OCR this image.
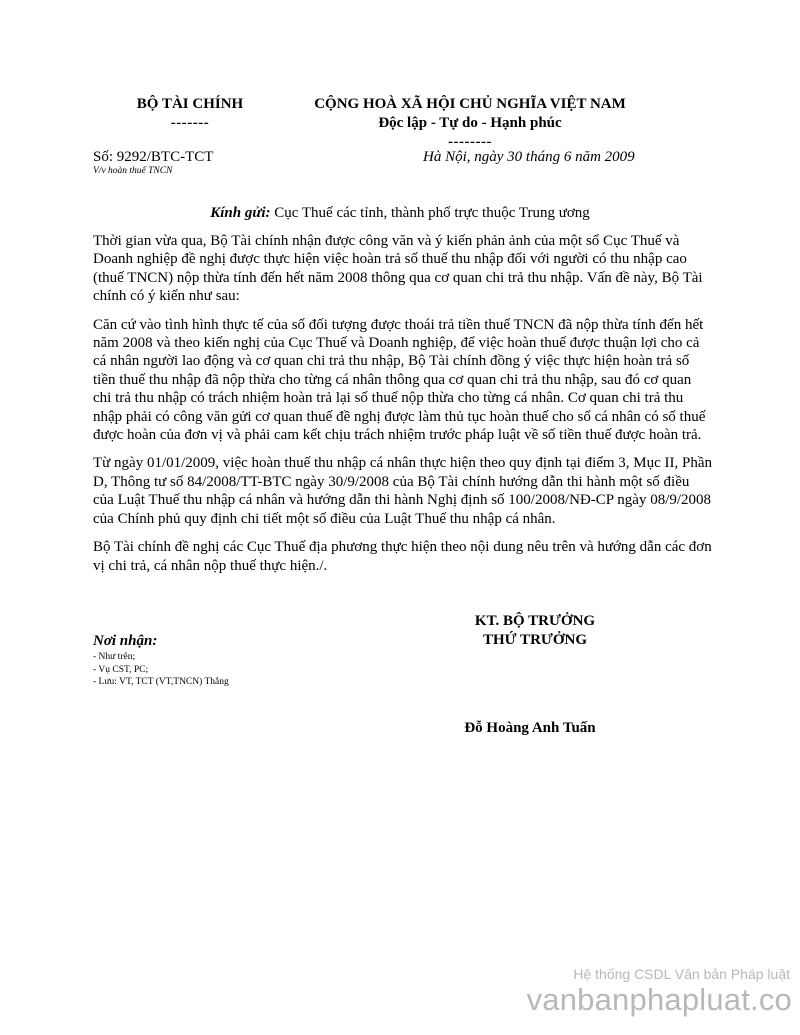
BỘ TÀI CHÍNH
-------
CỘNG HOÀ XÃ HỘI CHỦ NGHĨA VIỆT NAM
Độc lập - Tự do - Hạnh phúc
--------
Số: 9292/BTC-TCT
V/v hoàn thuế TNCN
Hà Nội, ngày 30 tháng 6 năm 2009
Kính gửi: Cục Thuế các tỉnh, thành phố trực thuộc Trung ương

Thời gian vừa qua, Bộ Tài chính nhận được công văn và ý kiến phản ảnh của một số Cục Thuế và Doanh nghiệp đề nghị được thực hiện việc hoàn trả số thuế thu nhập đối với người có thu nhập cao (thuế TNCN) nộp thừa tính đến hết năm 2008 thông qua cơ quan chi trả thu nhập. Vấn đề này, Bộ Tài chính có ý kiến như sau:

Căn cứ vào tình hình thực tế của số đối tượng được thoái trả tiền thuế TNCN đã nộp thừa tính đến hết năm 2008 và theo kiến nghị của Cục Thuế và Doanh nghiệp, để việc hoàn thuế được thuận lợi cho cả cá nhân người lao động và cơ quan chi trả thu nhập, Bộ Tài chính đồng ý việc thực hiện hoàn trả số tiền thuế thu nhập đã nộp thừa cho từng cá nhân thông qua cơ quan chi trả thu nhập, sau đó cơ quan chi trả thu nhập có trách nhiệm hoàn trả lại số thuế nộp thừa cho từng cá nhân. Cơ quan chi trả thu nhập phải có công văn gửi cơ quan thuế đề nghị được làm thủ tục hoàn thuế cho số cá nhân có số thuế được hoàn của đơn vị và phải cam kết chịu trách nhiệm trước pháp luật về số tiền thuế được hoàn trả.

Từ ngày 01/01/2009, việc hoàn thuế thu nhập cá nhân thực hiện theo quy định tại điểm 3, Mục II, Phần D, Thông tư số 84/2008/TT-BTC ngày 30/9/2008 của Bộ Tài chính hướng dẫn thi hành một số điều của Luật Thuế thu nhập cá nhân và hướng dẫn thi hành Nghị định số 100/2008/NĐ-CP ngày 08/9/2008 của Chính phủ quy định chi tiết một số điều của Luật Thuế thu nhập cá nhân.

Bộ Tài chính đề nghị các Cục Thuế địa phương thực hiện theo nội dung nêu trên và hướng dẫn các đơn vị chi trả, cá nhân nộp thuế thực hiện./.

KT. BỘ TRƯỞNG
THỨ TRƯỞNG
Đỗ Hoàng Anh Tuấn
Nơi nhận:
- Như trên;
- Vụ CST, PC;
- Lưu: VT, TCT (VT,TNCN) Thắng
Hệ thống CSDL Văn bản Pháp luật
vanbanphapluat.co
